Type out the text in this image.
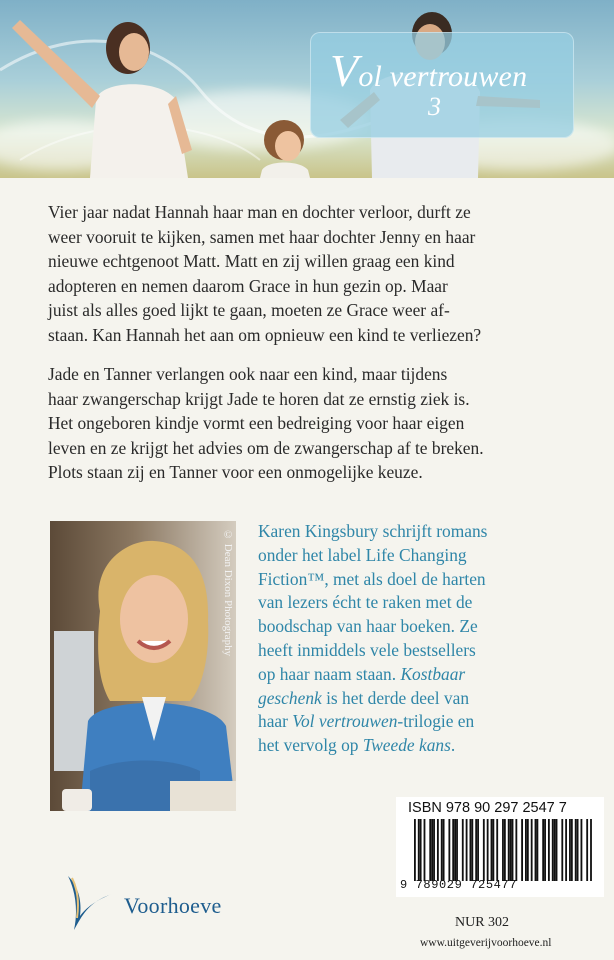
Vol vertrouwen
3
Vier jaar nadat Hannah haar man en dochter verloor, durft ze
weer vooruit te kijken, samen met haar dochter Jenny en haar
nieuwe echtgenoot Matt. Matt en zij willen graag een kind
adopteren en nemen daarom Grace in hun gezin op. Maar
juist als alles goed lijkt te gaan, moeten ze Grace weer af-
staan. Kan Hannah het aan om opnieuw een kind te verliezen?
Jade en Tanner verlangen ook naar een kind, maar tijdens
haar zwangerschap krijgt Jade te horen dat ze ernstig ziek is.
Het ongeboren kindje vormt een bedreiging voor haar eigen
leven en ze krijgt het advies om de zwangerschap af te breken.
Plots staan zij en Tanner voor een onmogelijke keuze.
© Dean Dixon Photography Karen Kingsbury schrijft romans
onder het label Life Changing
Fiction™, met als doel de harten
van lezers écht te raken met de
boodschap van haar boeken. Ze
heeft inmiddels vele bestsellers
op haar naam staan. Kostbaar
geschenk is het derde deel van
haar Vol vertrouwen-trilogie en
het vervolg op Tweede kans.
ISBN 978 90 297 2547 7
9 789029 725477
Voorhoeve
NUR 302
www.uitgeverijvoorhoeve.nl
